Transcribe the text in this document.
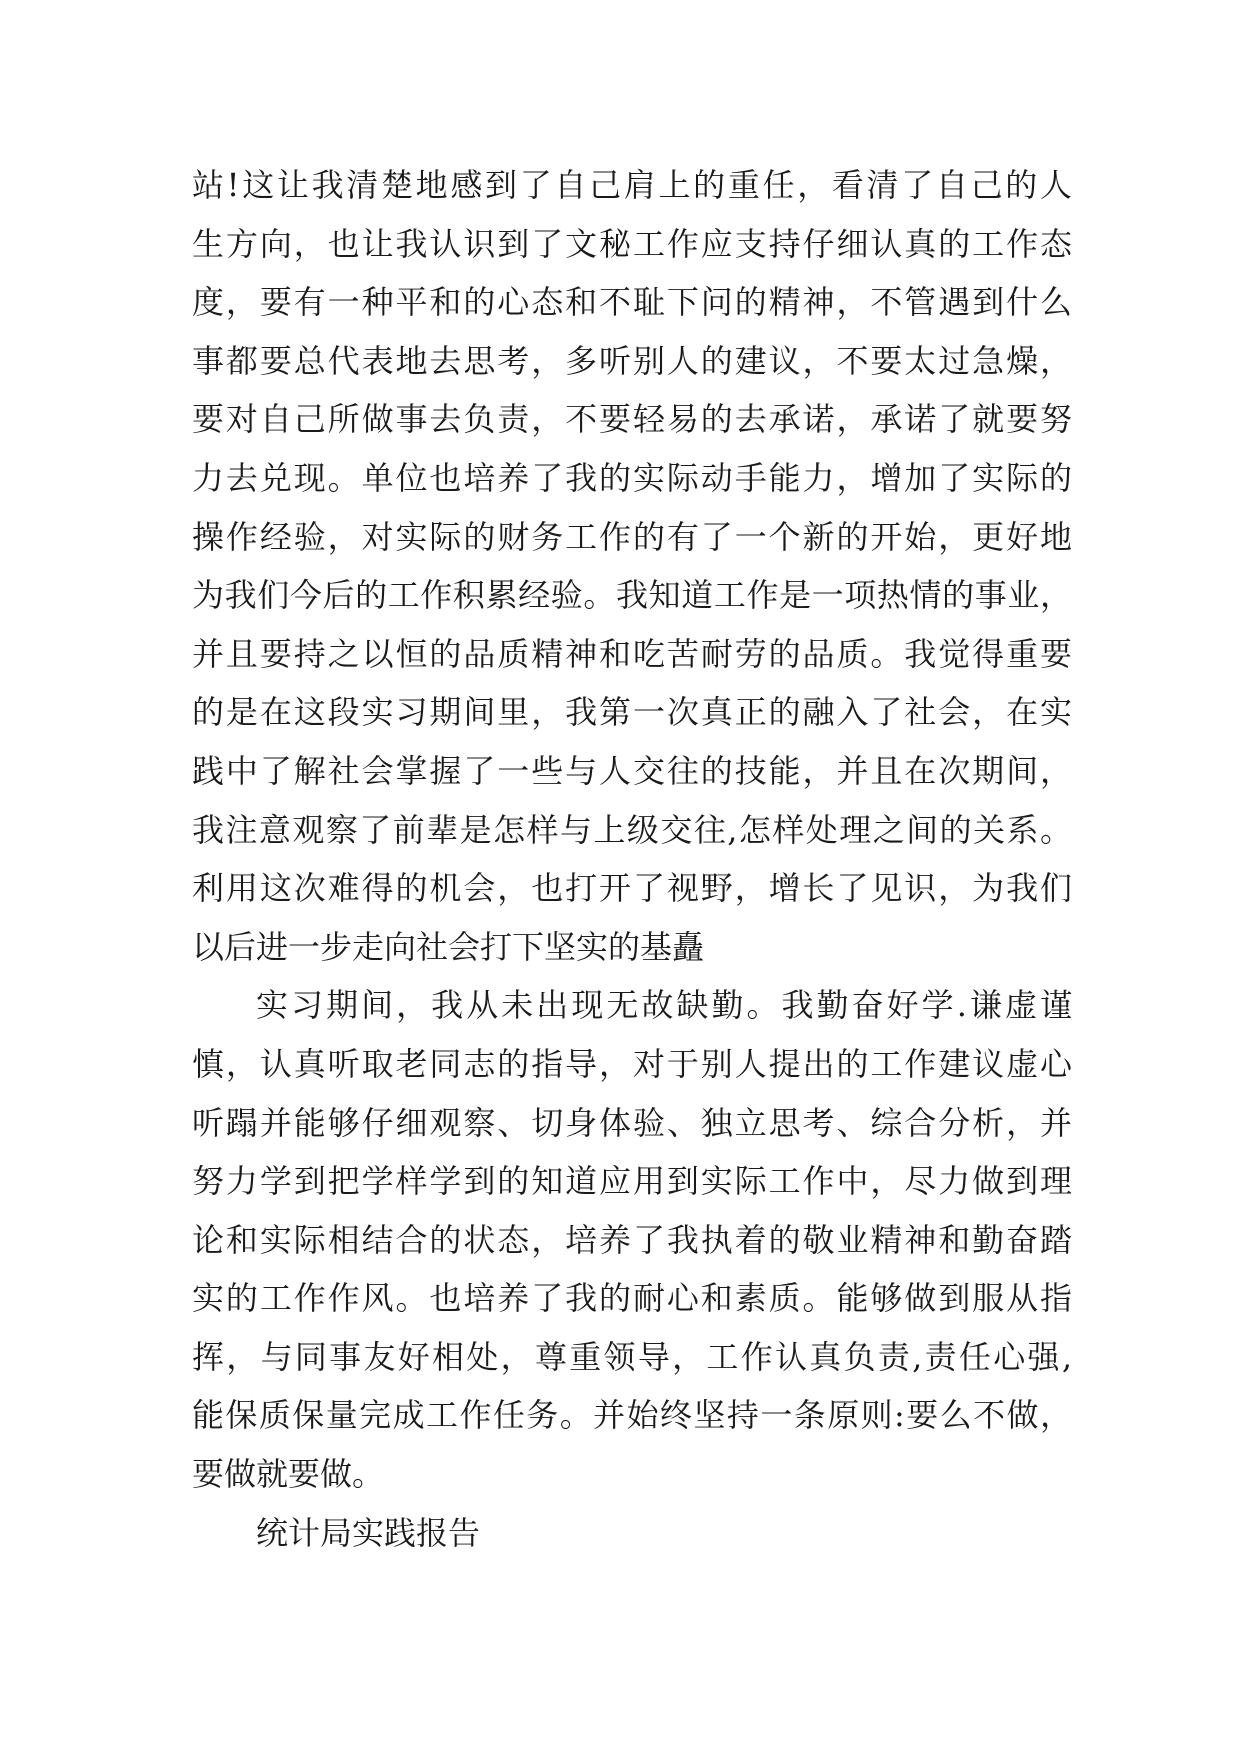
站!这让我清楚地感到了自己肩上的重任，看清了自己的人
生方向，也让我认识到了文秘工作应支持仔细认真的工作态
度，要有一种平和的心态和不耻下问的精神，不管遇到什么
事都要总代表地去思考，多听别人的建议，不要太过急燥，
要对自己所做事去负责，不要轻易的去承诺，承诺了就要努
力去兑现。单位也培养了我的实际动手能力，增加了实际的
操作经验，对实际的财务工作的有了一个新的开始，更好地
为我们今后的工作积累经验。我知道工作是一项热情的事业，
并且要持之以恒的品质精神和吃苦耐劳的品质。我觉得重要
的是在这段实习期间里，我第一次真正的融入了社会，在实
践中了解社会掌握了一些与人交往的技能，并且在次期间，
我注意观察了前辈是怎样与上级交往,怎样处理之间的关系。
利用这次难得的机会，也打开了视野，增长了见识，为我们
以后进一步走向社会打下坚实的基矗
实习期间，我从未出现无故缺勤。我勤奋好学.谦虚谨
慎，认真听取老同志的指导，对于别人提出的工作建议虚心
听蹋并能够仔细观察、切身体验、独立思考、综合分析，并
努力学到把学样学到的知道应用到实际工作中，尽力做到理
论和实际相结合的状态，培养了我执着的敬业精神和勤奋踏
实的工作作风。也培养了我的耐心和素质。能够做到服从指
挥，与同事友好相处，尊重领导，工作认真负责,责任心强,
能保质保量完成工作任务。并始终坚持一条原则:要么不做，
要做就要做。
统计局实践报告
